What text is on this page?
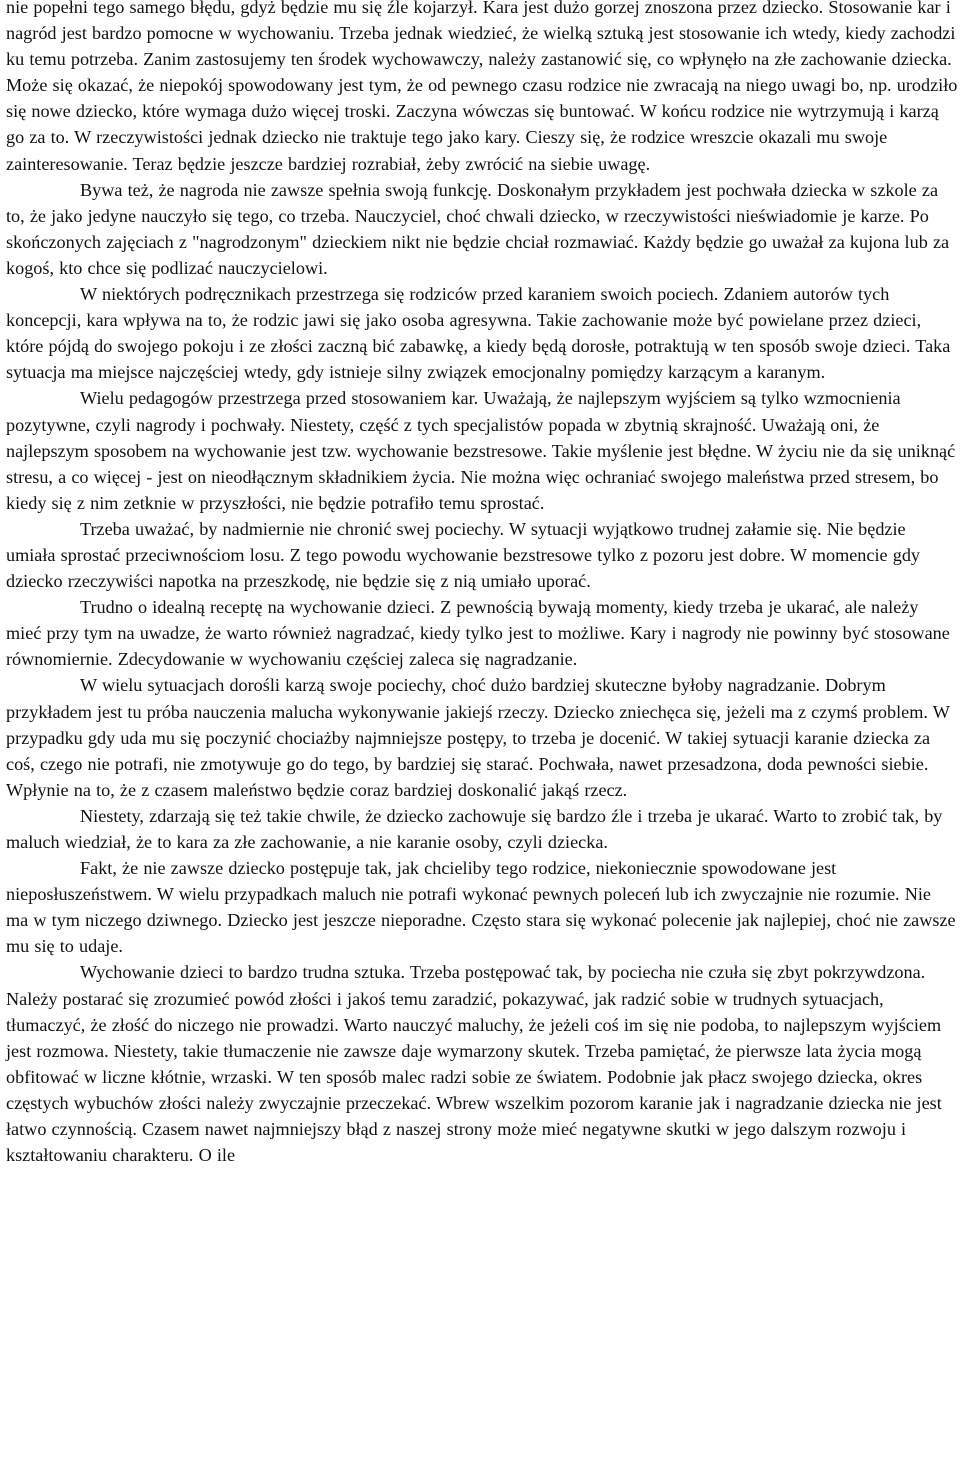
nie popełni tego samego błędu, gdyż będzie mu się źle kojarzył. Kara jest dużo gorzej znoszona przez dziecko. Stosowanie kar i nagród jest bardzo pomocne w wychowaniu. Trzeba jednak wiedzieć, że wielką sztuką jest stosowanie ich wtedy, kiedy zachodzi ku temu potrzeba. Zanim zastosujemy ten środek wychowawczy, należy zastanowić się, co wpłynęło na złe zachowanie dziecka. Może się okazać, że niepokój spowodowany jest tym, że od pewnego czasu rodzice nie zwracają na niego uwagi bo, np. urodziło się nowe dziecko, które wymaga dużo więcej troski. Zaczyna wówczas się buntować. W końcu rodzice nie wytrzymują i karzą go za to. W rzeczywistości jednak dziecko nie traktuje tego jako kary. Cieszy się, że rodzice wreszcie okazali mu swoje zainteresowanie. Teraz będzie jeszcze bardziej rozrabiał, żeby zwrócić na siebie uwagę.

Bywa też, że nagroda nie zawsze spełnia swoją funkcję. Doskonałym przykładem jest pochwała dziecka w szkole za to, że jako jedyne nauczyło się tego, co trzeba. Nauczyciel, choć chwali dziecko, w rzeczywistości nieświadomie je karze. Po skończonych zajęciach z "nagrodzonym" dzieckiem nikt nie będzie chciał rozmawiać. Każdy będzie go uważał za kujona lub za kogoś, kto chce się podlizać nauczycielowi.

W niektórych podręcznikach przestrzega się rodziców przed karaniem swoich pociech. Zdaniem autorów tych koncepcji, kara wpływa na to, że rodzic jawi się jako osoba agresywna. Takie zachowanie może być powielane przez dzieci, które pójdą do swojego pokoju i ze złości zaczną bić zabawkę, a kiedy będą dorosłe, potraktują w ten sposób swoje dzieci. Taka sytuacja ma miejsce najczęściej wtedy, gdy istnieje silny związek emocjonalny pomiędzy karzącym a karanym.

Wielu pedagogów przestrzega przed stosowaniem kar. Uważają, że najlepszym wyjściem są tylko wzmocnienia pozytywne, czyli nagrody i pochwały. Niestety, część z tych specjalistów popada w zbytnią skrajność. Uważają oni, że najlepszym sposobem na wychowanie jest tzw. wychowanie bezstresowe. Takie myślenie jest błędne. W życiu nie da się uniknąć stresu, a co więcej - jest on nieodłącznym składnikiem życia. Nie można więc ochraniać swojego maleństwa przed stresem, bo kiedy się z nim zetknie w przyszłości, nie będzie potrafiło temu sprostać.

Trzeba uważać, by nadmiernie nie chronić swej pociechy. W sytuacji wyjątkowo trudnej załamie się. Nie będzie umiała sprostać przeciwnościom losu. Z tego powodu wychowanie bezstresowe tylko z pozoru jest dobre. W momencie gdy dziecko rzeczywiści napotka na przeszkodę, nie będzie się z nią umiało uporać.

Trudno o idealną receptę na wychowanie dzieci. Z pewnością bywają momenty, kiedy trzeba je ukarać, ale należy mieć przy tym na uwadze, że warto również nagradzać, kiedy tylko jest to możliwe. Kary i nagrody nie powinny być stosowane równomiernie. Zdecydowanie w wychowaniu częściej zaleca się nagradzanie.

W wielu sytuacjach dorośli karzą swoje pociechy, choć dużo bardziej skuteczne byłoby nagradzanie. Dobrym przykładem jest tu próba nauczenia malucha wykonywanie jakiejś rzeczy. Dziecko zniechęca się, jeżeli ma z czymś problem. W przypadku gdy uda mu się poczynić chociażby najmniejsze postępy, to trzeba je docenić. W takiej sytuacji karanie dziecka za coś, czego nie potrafi, nie zmotywuje go do tego, by bardziej się starać. Pochwała, nawet przesadzona, doda pewności siebie. Wpłynie na to, że z czasem maleństwo będzie coraz bardziej doskonalić jakąś rzecz.

Niestety, zdarzają się też takie chwile, że dziecko zachowuje się bardzo źle i trzeba je ukarać. Warto to zrobić tak, by maluch wiedział, że to kara za złe zachowanie, a nie karanie osoby, czyli dziecka.

Fakt, że nie zawsze dziecko postępuje tak, jak chcieliby tego rodzice, niekoniecznie spowodowane jest nieposłuszeństwem. W wielu przypadkach maluch nie potrafi wykonać pewnych poleceń lub ich zwyczajnie nie rozumie. Nie ma w tym niczego dziwnego. Dziecko jest jeszcze nieporadne. Często stara się wykonać polecenie jak najlepiej, choć nie zawsze mu się to udaje.

Wychowanie dzieci to bardzo trudna sztuka. Trzeba postępować tak, by pociecha nie czuła się zbyt pokrzywdzona. Należy postarać się zrozumieć powód złości i jakoś temu zaradzić, pokazywać, jak radzić sobie w trudnych sytuacjach, tłumaczyć, że złość do niczego nie prowadzi. Warto nauczyć maluchy, że jeżeli coś im się nie podoba, to najlepszym wyjściem jest rozmowa. Niestety, takie tłumaczenie nie zawsze daje wymarzony skutek. Trzeba pamiętać, że pierwsze lata życia mogą obfitować w liczne kłótnie, wrzaski. W ten sposób malec radzi sobie ze światem. Podobnie jak płacz swojego dziecka, okres częstych wybuchów złości należy zwyczajnie przeczekać. Wbrew wszelkim pozorom karanie jak i nagradzanie dziecka nie jest łatwo czynnością. Czasem nawet najmniejszy błąd z naszej strony może mieć negatywne skutki w jego dalszym rozwoju i kształtowaniu charakteru. O ile
